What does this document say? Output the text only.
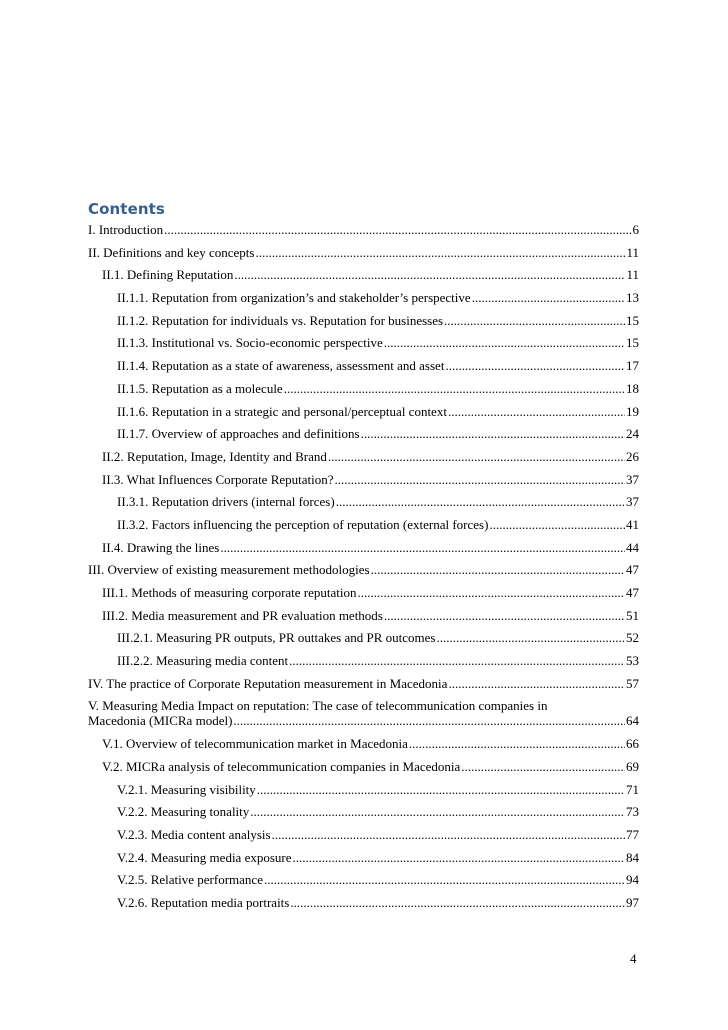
Contents
I. Introduction .....	6
II. Definitions and key concepts .....	11
II.1. Defining Reputation .....	11
II.1.1. Reputation from organization’s and stakeholder’s perspective .....	13
II.1.2. Reputation for individuals vs. Reputation for businesses .....	15
II.1.3. Institutional vs. Socio-economic perspective .....	15
II.1.4. Reputation as a state of awareness, assessment and asset .....	17
II.1.5. Reputation as a molecule .....	18
II.1.6. Reputation in a strategic and personal/perceptual context .....	19
II.1.7. Overview of approaches and definitions .....	24
II.2. Reputation, Image, Identity and Brand .....	26
II.3. What Influences Corporate Reputation? .....	37
II.3.1. Reputation drivers (internal forces) .....	37
II.3.2. Factors influencing the perception of reputation (external forces) .....	41
II.4. Drawing the lines .....	44
III. Overview of existing measurement methodologies .....	47
III.1. Methods of measuring corporate reputation .....	47
III.2. Media measurement and PR evaluation methods .....	51
III.2.1. Measuring PR outputs, PR outtakes and PR outcomes .....	52
III.2.2. Measuring media content .....	53
IV. The practice of Corporate Reputation measurement in Macedonia .....	57
V. Measuring Media Impact on reputation: The case of telecommunication companies in
Macedonia (MICRa model) .....	64
V.1. Overview of telecommunication market in Macedonia .....	66
V.2. MICRa analysis of telecommunication companies in Macedonia .....	69
V.2.1. Measuring visibility .....	71
V.2.2. Measuring tonality .....	73
V.2.3. Media content analysis .....	77
V.2.4. Measuring media exposure .....	84
V.2.5. Relative performance .....	94
V.2.6. Reputation media portraits .....	97
4
